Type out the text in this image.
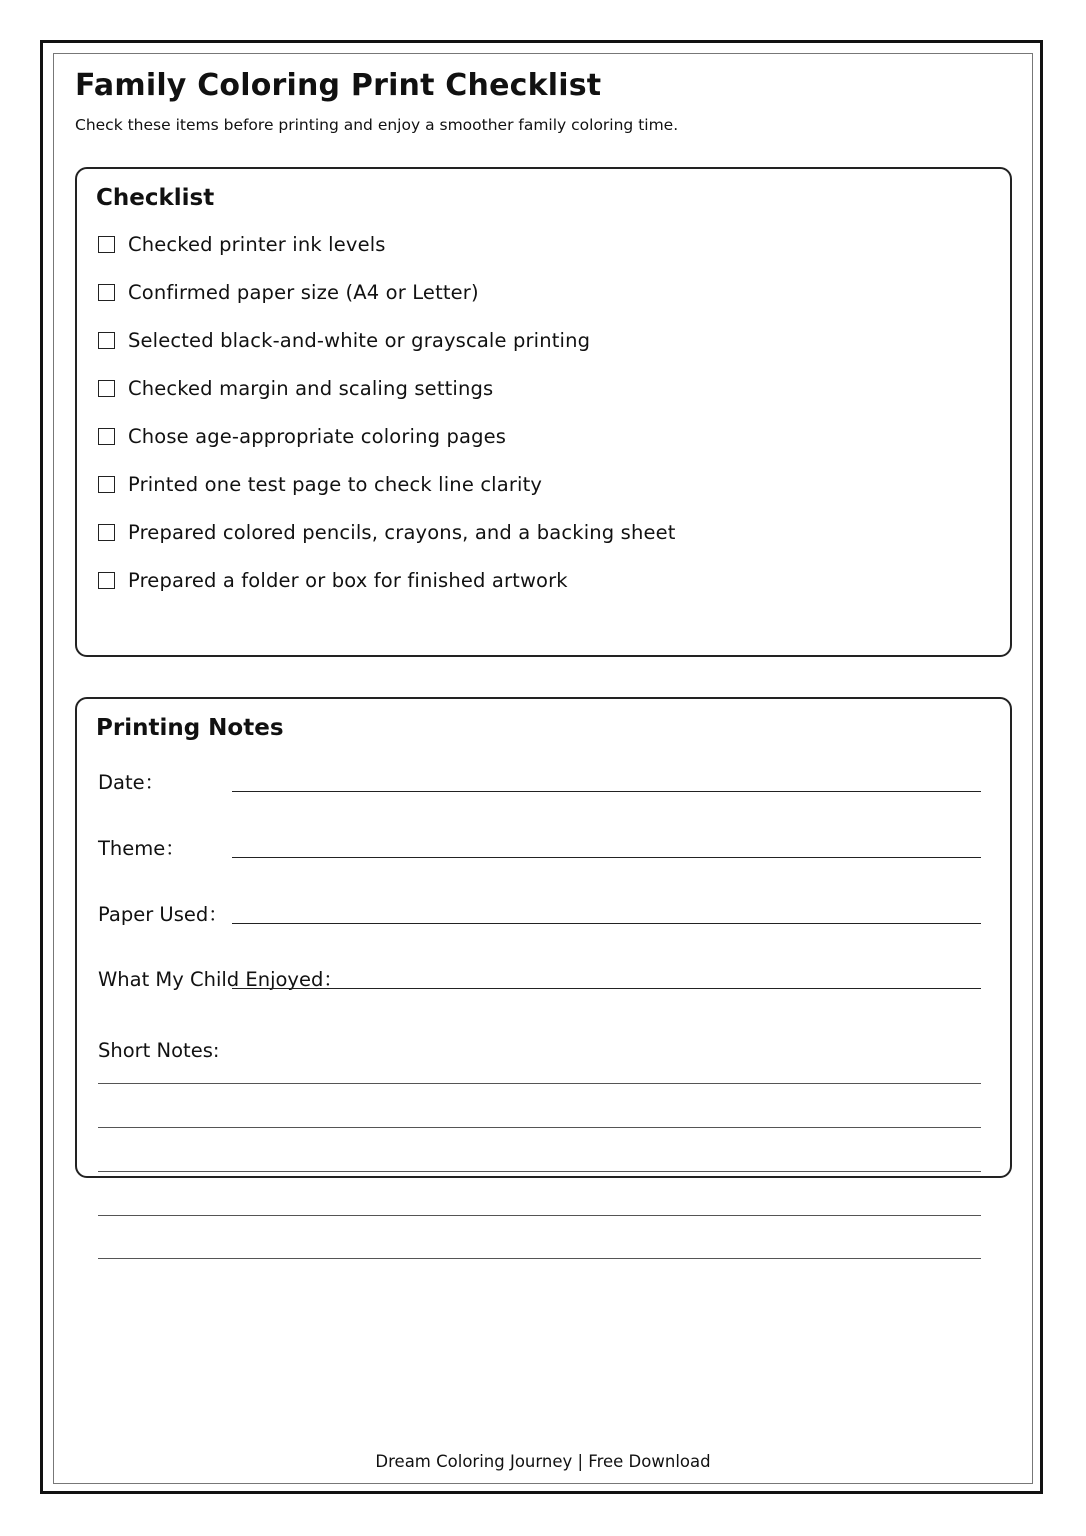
Family Coloring Print Checklist
Check these items before printing and enjoy a smoother family coloring time.
Checklist
Checked printer ink levels
Confirmed paper size (A4 or Letter)
Selected black-and-white or grayscale printing
Checked margin and scaling settings
Chose age-appropriate coloring pages
Printed one test page to check line clarity
Prepared colored pencils, crayons, and a backing sheet
Prepared a folder or box for finished artwork
Printing Notes
Date：
Theme：
Paper Used：
What My Child Enjoyed：
Short Notes:
Dream Coloring Journey | Free Download
